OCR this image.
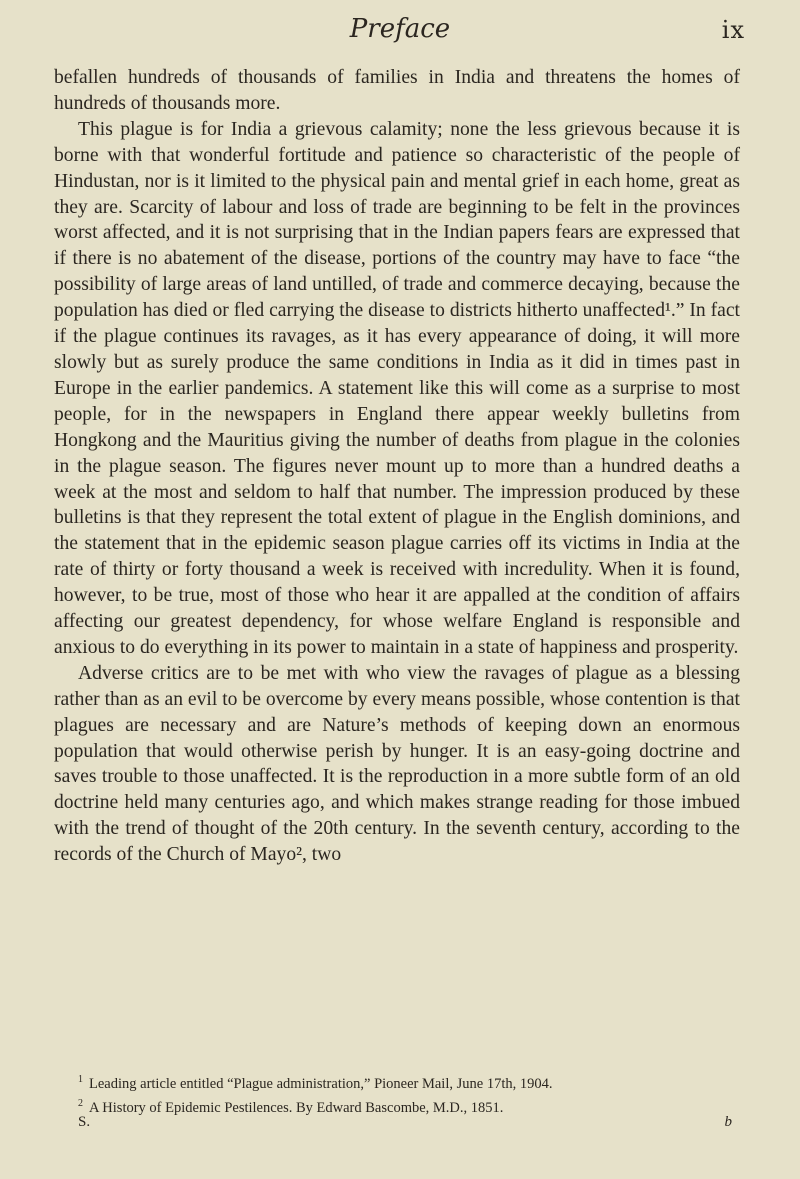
Preface	ix

befallen hundreds of thousands of families in India and threatens the homes of hundreds of thousands more.

This plague is for India a grievous calamity; none the less grievous because it is borne with that wonderful fortitude and patience so characteristic of the people of Hindustan, nor is it limited to the physical pain and mental grief in each home, great as they are. Scarcity of labour and loss of trade are beginning to be felt in the provinces worst affected, and it is not surprising that in the Indian papers fears are expressed that if there is no abatement of the disease, portions of the country may have to face “the possibility of large areas of land untilled, of trade and commerce decaying, because the population has died or fled carrying the disease to districts hitherto unaffected¹.” In fact if the plague continues its ravages, as it has every appearance of doing, it will more slowly but as surely produce the same conditions in India as it did in times past in Europe in the earlier pandemics. A statement like this will come as a surprise to most people, for in the newspapers in England there appear weekly bulletins from Hongkong and the Mauritius giving the number of deaths from plague in the colonies in the plague season. The figures never mount up to more than a hundred deaths a week at the most and seldom to half that number. The impression produced by these bulletins is that they represent the total extent of plague in the English dominions, and the statement that in the epidemic season plague carries off its victims in India at the rate of thirty or forty thousand a week is received with incredulity. When it is found, however, to be true, most of those who hear it are appalled at the condition of affairs affecting our greatest dependency, for whose welfare England is responsible and anxious to do everything in its power to maintain in a state of happiness and prosperity.

Adverse critics are to be met with who view the ravages of plague as a blessing rather than as an evil to be overcome by every means possible, whose contention is that plagues are necessary and are Nature’s methods of keeping down an enormous population that would otherwise perish by hunger. It is an easy-going doctrine and saves trouble to those unaffected. It is the reproduction in a more subtle form of an old doctrine held many centuries ago, and which makes strange reading for those imbued with the trend of thought of the 20th century. In the seventh century, according to the records of the Church of Mayo², two

$^1$ Leading article entitled “Plague administration,” Pioneer Mail, June 17th, 1904.
$^2$ A History of Epidemic Pestilences. By Edward Bascombe, M.D., 1851.
S.	b
